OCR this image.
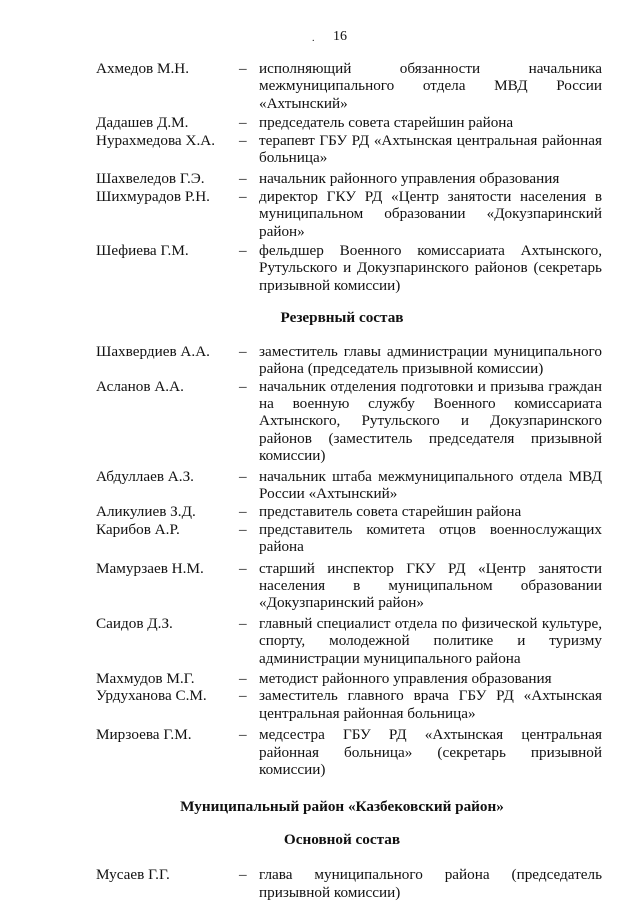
16
.
Ахмедов М.Н.	– исполняющий обязанности начальника межмуниципального отдела МВД России «Ахтынский»
Дадашев Д.М.	– председатель совета старейшин района
Нурахмедова Х.А.	– терапевт ГБУ РД «Ахтынская центральная районная больница»
Шахвеледов Г.Э.	– начальник районного управления образования
Шихмурадов Р.Н.	– директор ГКУ РД «Центр занятости населения в муниципальном образовании «Докузпаринский район»
Шефиева Г.М.	– фельдшер Военного комиссариата Ахтынского, Рутульского и Докузпаринского районов (секретарь призывной комиссии)
Резервный состав
Шахвердиев А.А.	– заместитель главы администрации муниципального района (председатель призывной комиссии)
Асланов А.А.	– начальник отделения подготовки и призыва граждан на военную службу Военного комиссариата Ахтынского, Рутульского и Докузпаринского районов (заместитель председателя призывной комиссии)
Абдуллаев А.З.	– начальник штаба межмуниципального отдела МВД России «Ахтынский»
Аликулиев З.Д.	– представитель совета старейшин района
Карибов А.Р.	– представитель комитета отцов военнослужащих района
Мамурзаев Н.М.	– старший инспектор ГКУ РД «Центр занятости населения в муниципальном образовании «Докузпаринский район»
Саидов Д.З.	– главный специалист отдела по физической культуре, спорту, молодежной политике и туризму администрации муниципального района
Махмудов М.Г.	– методист районного управления образования
Урдуханова С.М.	– заместитель главного врача ГБУ РД «Ахтынская центральная районная больница»
Мирзоева Г.М.	– медсестра ГБУ РД «Ахтынская центральная районная больница» (секретарь призывной комиссии)
Муниципальный район «Казбековский район»
Основной состав
Мусаев Г.Г.	– глава муниципального района (председатель призывной комиссии)
